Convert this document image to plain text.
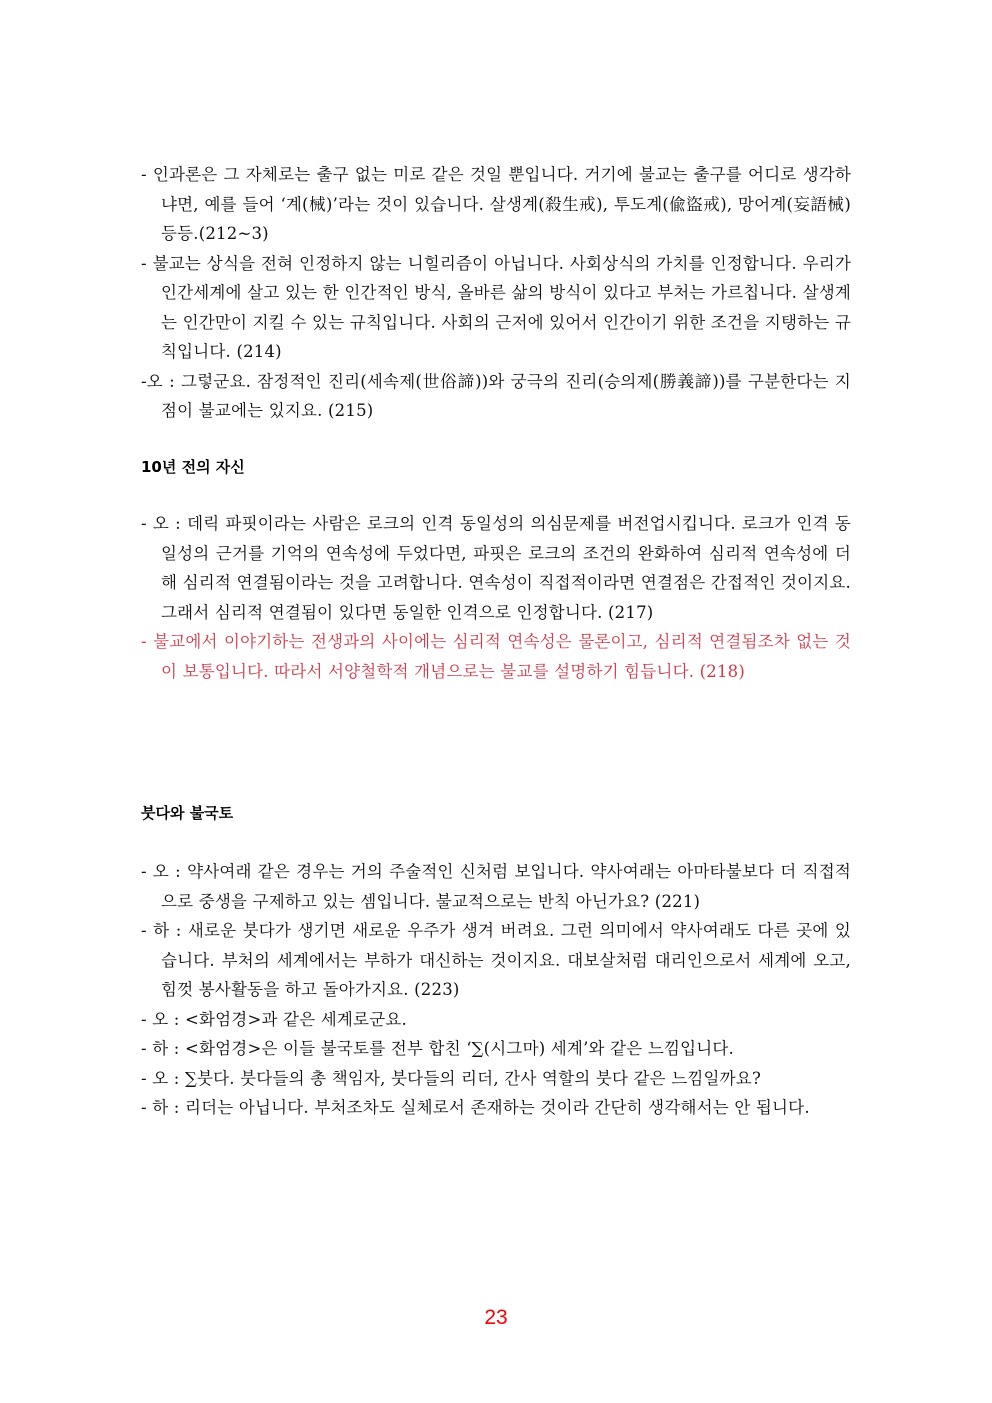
- 인과론은 그 자체로는 출구 없는 미로 같은 것일 뿐입니다. 거기에 불교는 출구를 어디로 생각하냐면, 예를 들어 ‘계(械)’라는 것이 있습니다. 살생계(殺生戒), 투도계(偸盜戒), 망어계(妄語械) 등등.(212~3)

- 불교는 상식을 전혀 인정하지 않는 니힐리즘이 아닙니다. 사회상식의 가치를 인정합니다. 우리가 인간세계에 살고 있는 한 인간적인 방식, 올바른 삶의 방식이 있다고 부처는 가르칩니다. 살생계는 인간만이 지킬 수 있는 규칙입니다. 사회의 근저에 있어서 인간이기 위한 조건을 지탱하는 규칙입니다. (214)

-오 : 그렇군요. 잠정적인 진리(세속제(世俗諦))와 궁극의 진리(승의제(勝義諦))를 구분한다는 지점이 불교에는 있지요. (215)

10년 전의 자신

- 오 : 데릭 파핏이라는 사람은 로크의 인격 동일성의 의심문제를 버전업시킵니다. 로크가 인격 동일성의 근거를 기억의 연속성에 두었다면, 파핏은 로크의 조건의 완화하여 심리적 연속성에 더해 심리적 연결됨이라는 것을 고려합니다. 연속성이 직접적이라면 연결점은 간접적인 것이지요. 그래서 심리적 연결됨이 있다면 동일한 인격으로 인정합니다. (217)

- 불교에서 이야기하는 전생과의 사이에는 심리적 연속성은 물론이고, 심리적 연결됨조차 없는 것이 보통입니다. 따라서 서양철학적 개념으로는 불교를 설명하기 힘듭니다. (218)

붓다와 불국토

- 오 : 약사여래 같은 경우는 거의 주술적인 신처럼 보입니다. 약사여래는 아마타불보다 더 직접적으로 중생을 구제하고 있는 셈입니다. 불교적으로는 반칙 아닌가요? (221)

- 하 : 새로운 붓다가 생기면 새로운 우주가 생겨 버려요. 그런 의미에서 약사여래도 다른 곳에 있습니다. 부처의 세계에서는 부하가 대신하는 것이지요. 대보살처럼 대리인으로서 세계에 오고, 힘껏 봉사활동을 하고 돌아가지요. (223)

- 오 : <화엄경>과 같은 세계로군요.

- 하 : <화엄경>은 이들 불국토를 전부 합친 ‘∑(시그마) 세계’와 같은 느낌입니다.

- 오 : ∑붓다. 붓다들의 총 책임자, 붓다들의 리더, 간사 역할의 붓다 같은 느낌일까요?

- 하 : 리더는 아닙니다. 부처조차도 실체로서 존재하는 것이라 간단히 생각해서는 안 됩니다.

23
